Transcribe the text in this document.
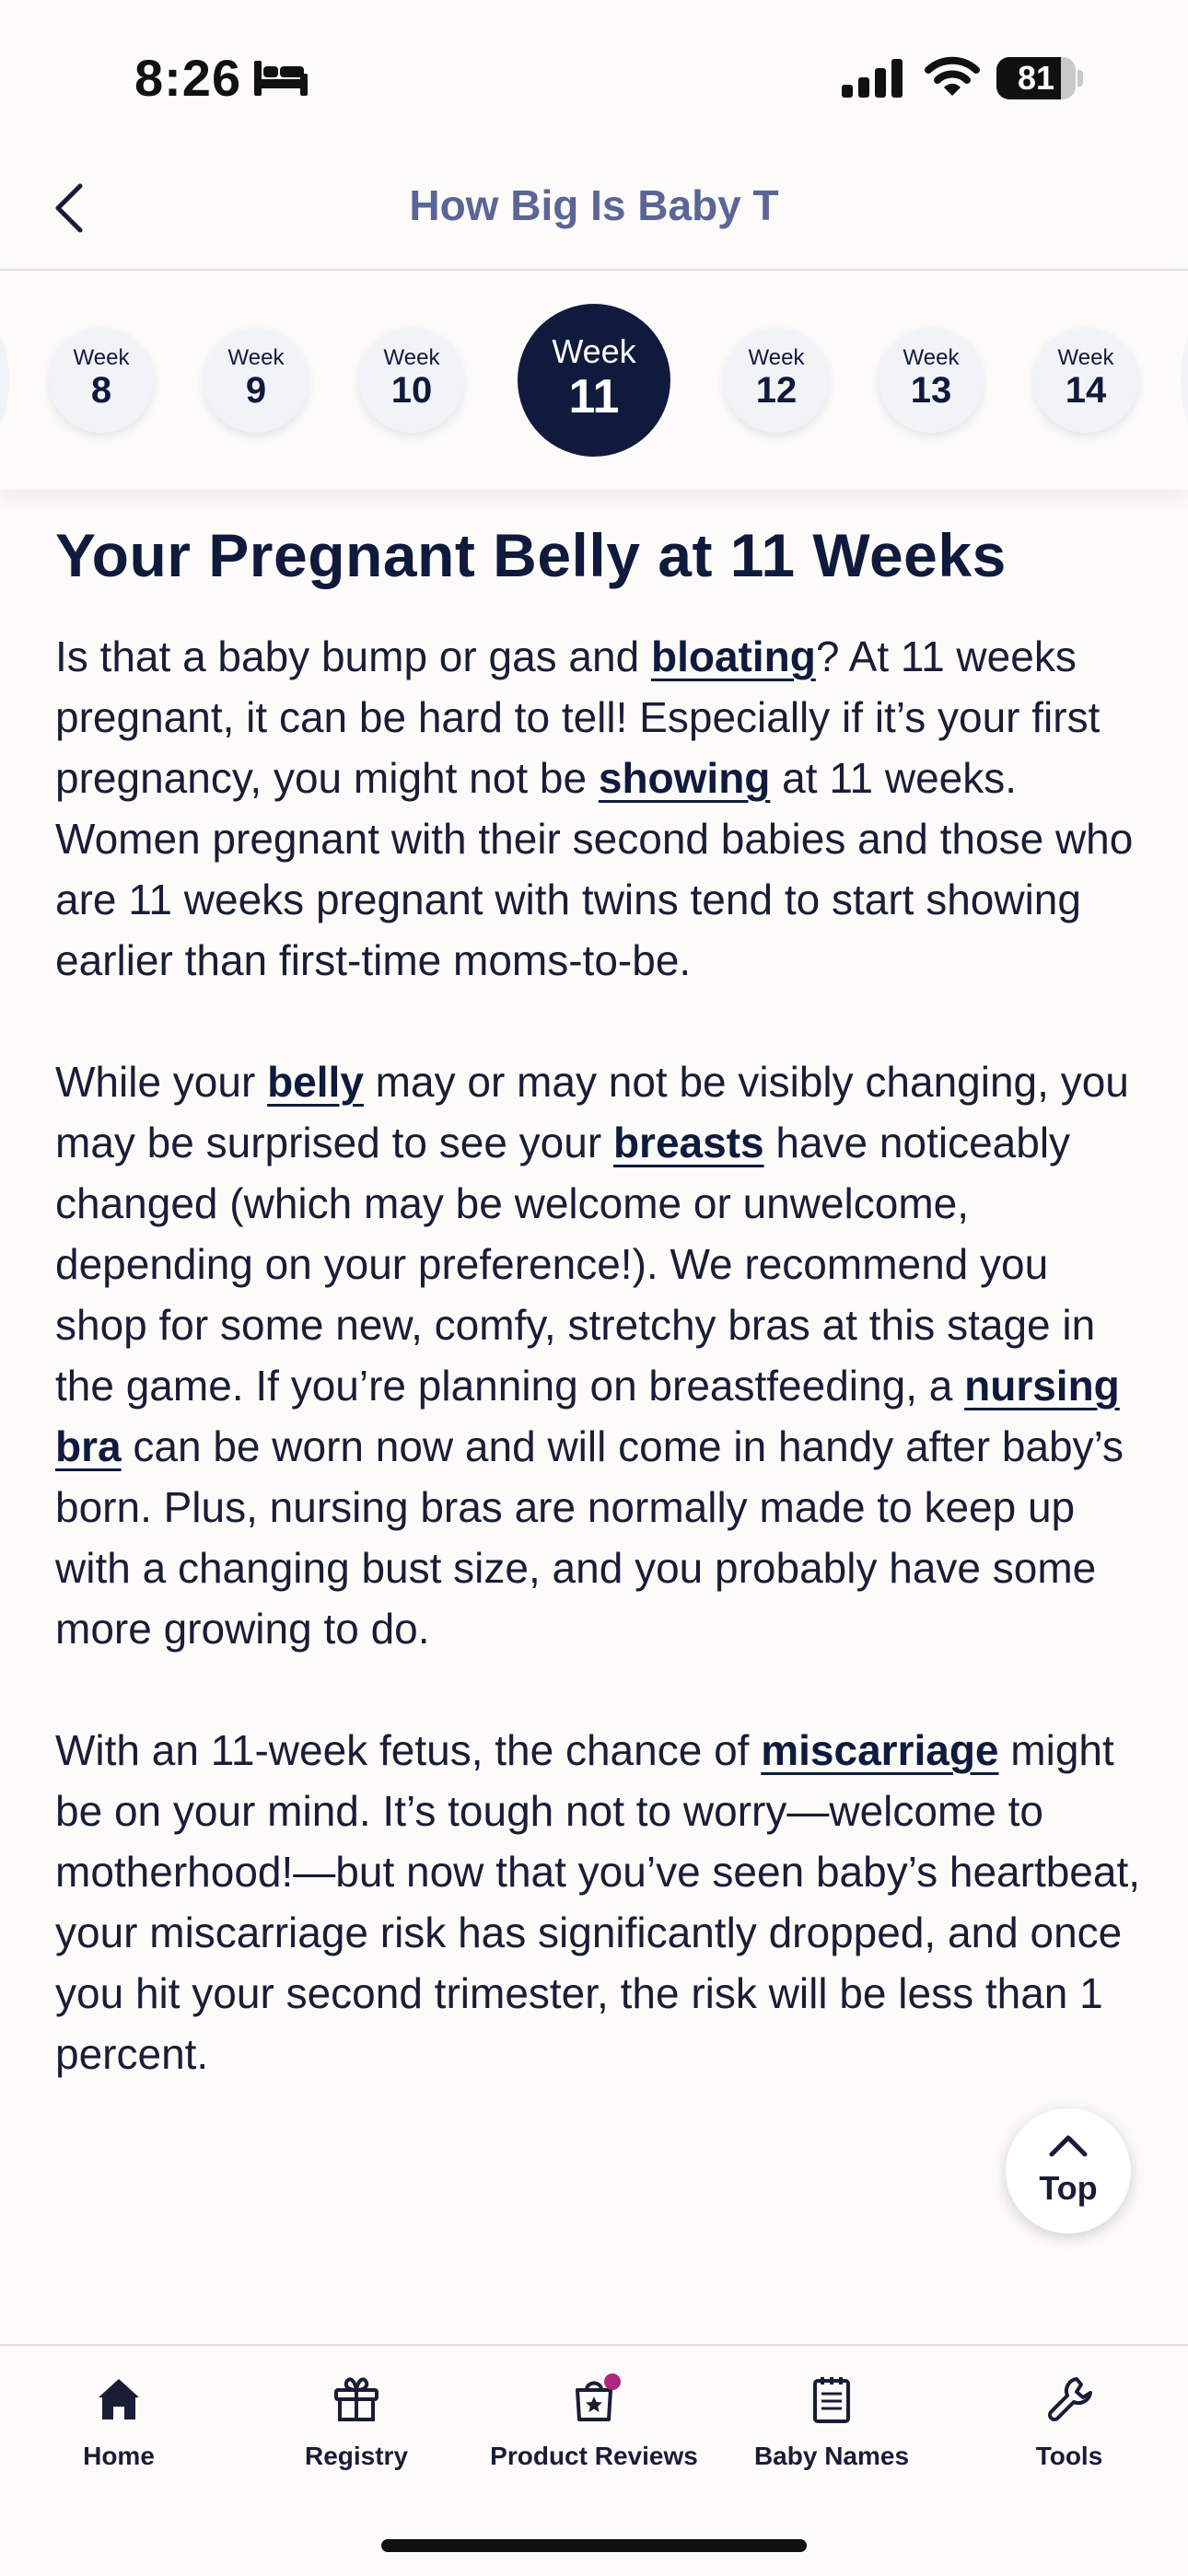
8:26	81
How Big Is Baby T
Week
8
Week
9
Week
10
Week
11
Week
12
Week
13
Week
14
Your Pregnant Belly at 11 Weeks

Is that a baby bump or gas and bloating? At 11 weeks pregnant, it can be hard to tell! Especially if it’s your first pregnancy, you might not be showing at 11 weeks. Women pregnant with their second babies and those who are 11 weeks pregnant with twins tend to start showing earlier than first-time moms-to-be.

While your belly may or may not be visibly changing, you may be surprised to see your breasts have noticeably changed (which may be welcome or unwelcome, depending on your preference!). We recommend you shop for some new, comfy, stretchy bras at this stage in the game. If you’re planning on breastfeeding, a nursing bra can be worn now and will come in handy after baby’s born. Plus, nursing bras are normally made to keep up with a changing bust size, and you probably have some more growing to do.

With an 11-week fetus, the chance of miscarriage might be on your mind. It’s tough not to worry—welcome to motherhood!—but now that you’ve seen baby’s heartbeat, your miscarriage risk has significantly dropped, and once you hit your second trimester, the risk will be less than 1 percent.

Top
Home	Registry	Product Reviews	Baby Names	Tools
